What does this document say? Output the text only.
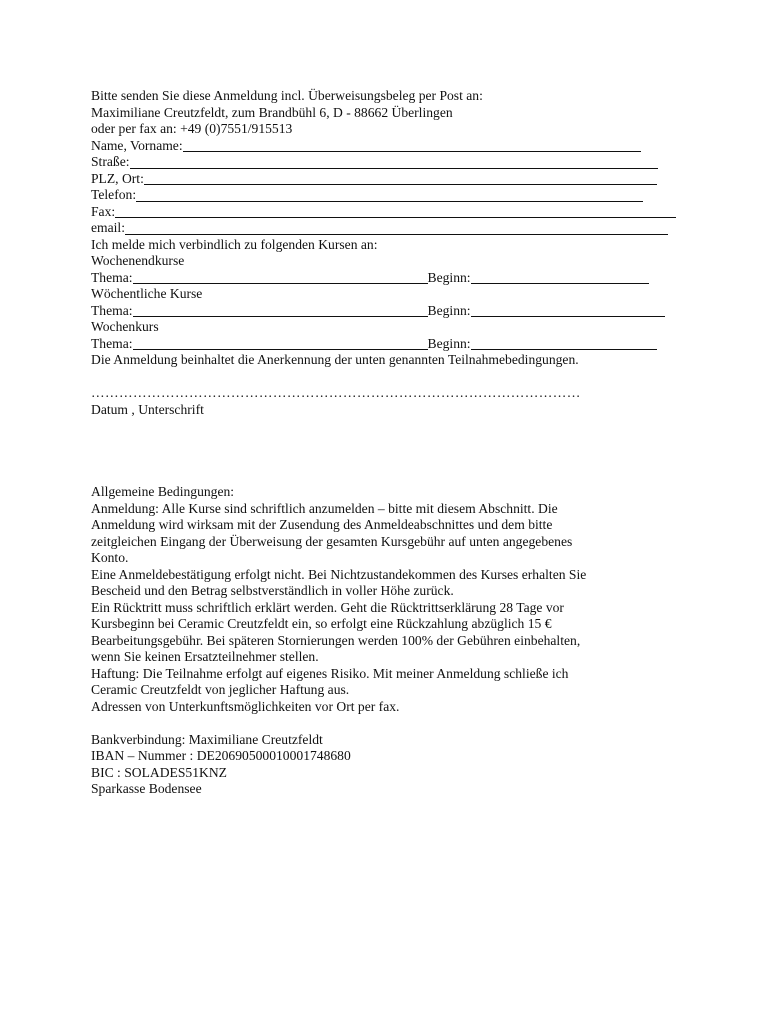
Bitte senden Sie diese Anmeldung incl. Überweisungsbeleg per Post an:
Maximiliane Creutzfeldt, zum Brandbühl 6, D - 88662 Überlingen
oder per fax an: +49 (0)7551/915513
Name, Vorname:
Straße:
PLZ, Ort:
Telefon:
Fax:
email:
Ich melde mich verbindlich zu folgenden Kursen an:
Wochenendkurse
Thema:	Beginn:
Wöchentliche Kurse
Thema:	Beginn:
Wochenkurs
Thema:	Beginn:
Die Anmeldung beinhaltet die Anerkennung der unten genannten Teilnahmebedingungen.
……………………………………………………………………………………………
Datum , Unterschrift
Allgemeine Bedingungen:
Anmeldung: Alle Kurse sind schriftlich anzumelden – bitte mit diesem Abschnitt. Die
Anmeldung wird wirksam mit der Zusendung des Anmeldeabschnittes und dem bitte
zeitgleichen Eingang der Überweisung der gesamten Kursgebühr auf unten angegebenes
Konto.
Eine Anmeldebestätigung erfolgt nicht. Bei Nichtzustandekommen des Kurses erhalten Sie
Bescheid und den Betrag selbstverständlich in voller Höhe zurück.
Ein Rücktritt muss schriftlich erklärt werden. Geht die Rücktrittserklärung 28 Tage vor
Kursbeginn bei Ceramic Creutzfeldt ein, so erfolgt eine Rückzahlung abzüglich 15 €
Bearbeitungsgebühr. Bei späteren Stornierungen werden 100% der Gebühren einbehalten,
wenn Sie keinen Ersatzteilnehmer stellen.
Haftung: Die Teilnahme erfolgt auf eigenes Risiko. Mit meiner Anmeldung schließe ich
Ceramic Creutzfeldt von jeglicher Haftung aus.
Adressen von Unterkunftsmöglichkeiten vor Ort per fax.
Bankverbindung: Maximiliane Creutzfeldt
IBAN – Nummer : DE20690500010001748680
BIC : SOLADES51KNZ
Sparkasse Bodensee
